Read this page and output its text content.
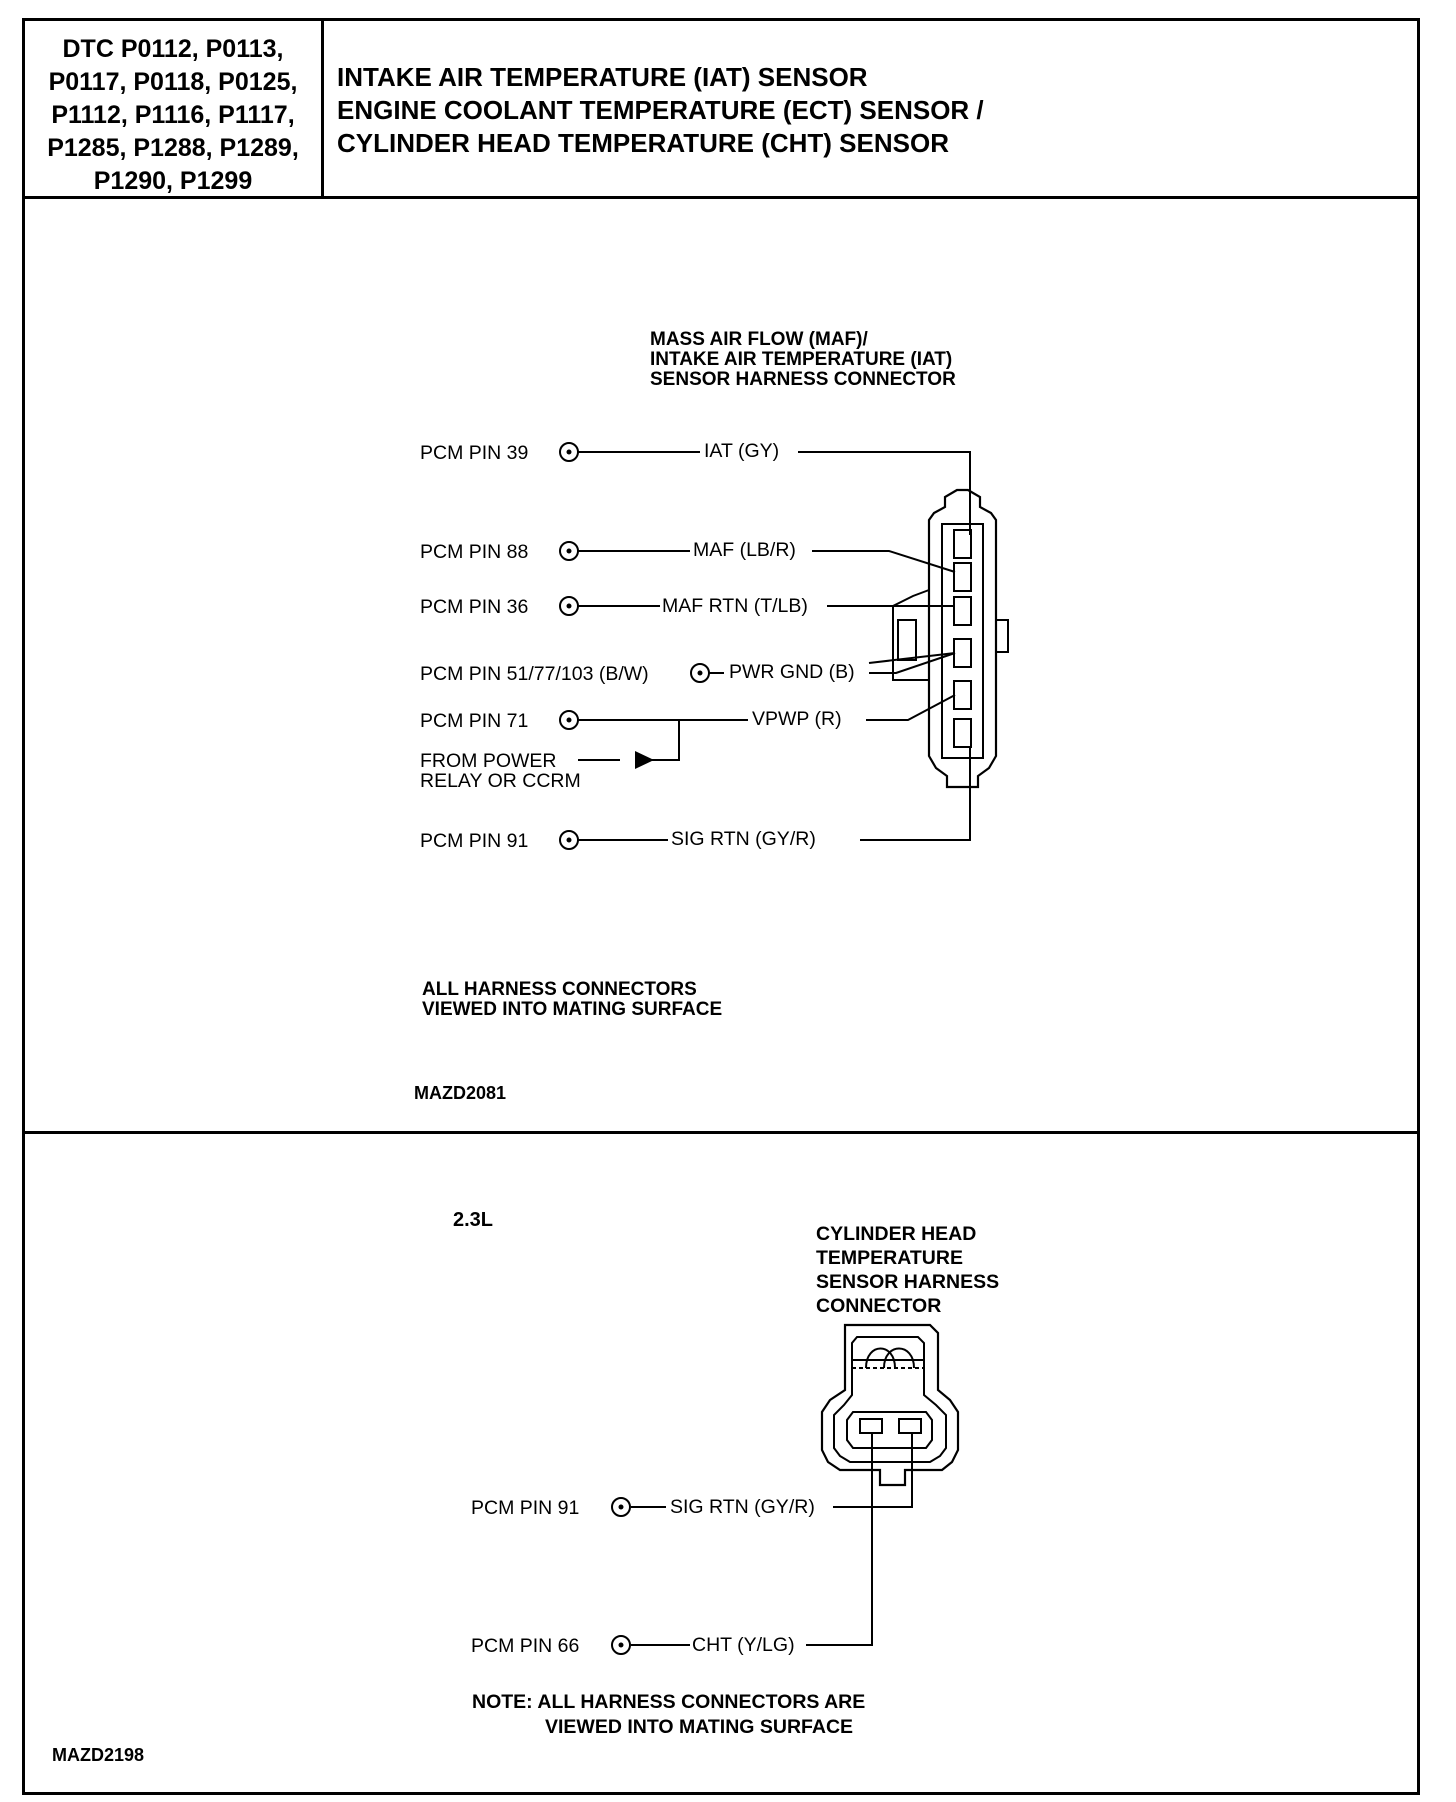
DTC P0112, P0113,
P0117, P0118, P0125,
P1112, P1116, P1117,
P1285, P1288, P1289,
P1290, P1299
INTAKE AIR TEMPERATURE (IAT) SENSOR
ENGINE COOLANT TEMPERATURE (ECT) SENSOR /
CYLINDER HEAD TEMPERATURE (CHT) SENSOR
MASS AIR FLOW (MAF)/
INTAKE AIR TEMPERATURE (IAT)
SENSOR HARNESS CONNECTOR
PCM PIN 39	IAT (GY)
PCM PIN 88	MAF (LB/R)
PCM PIN 36	MAF RTN (T/LB)
PCM PIN 51/77/103 (B/W)	PWR GND (B)
PCM PIN 71	VPWP (R)
FROM POWER
RELAY OR CCRM
PCM PIN 91	SIG RTN (GY/R)
ALL HARNESS CONNECTORS
VIEWED INTO MATING SURFACE
MAZD2081
2.3L
CYLINDER HEAD
TEMPERATURE
SENSOR HARNESS
CONNECTOR
PCM PIN 91	SIG RTN (GY/R)
PCM PIN 66	CHT (Y/LG)
NOTE: ALL HARNESS CONNECTORS ARE
VIEWED INTO MATING SURFACE
MAZD2198
